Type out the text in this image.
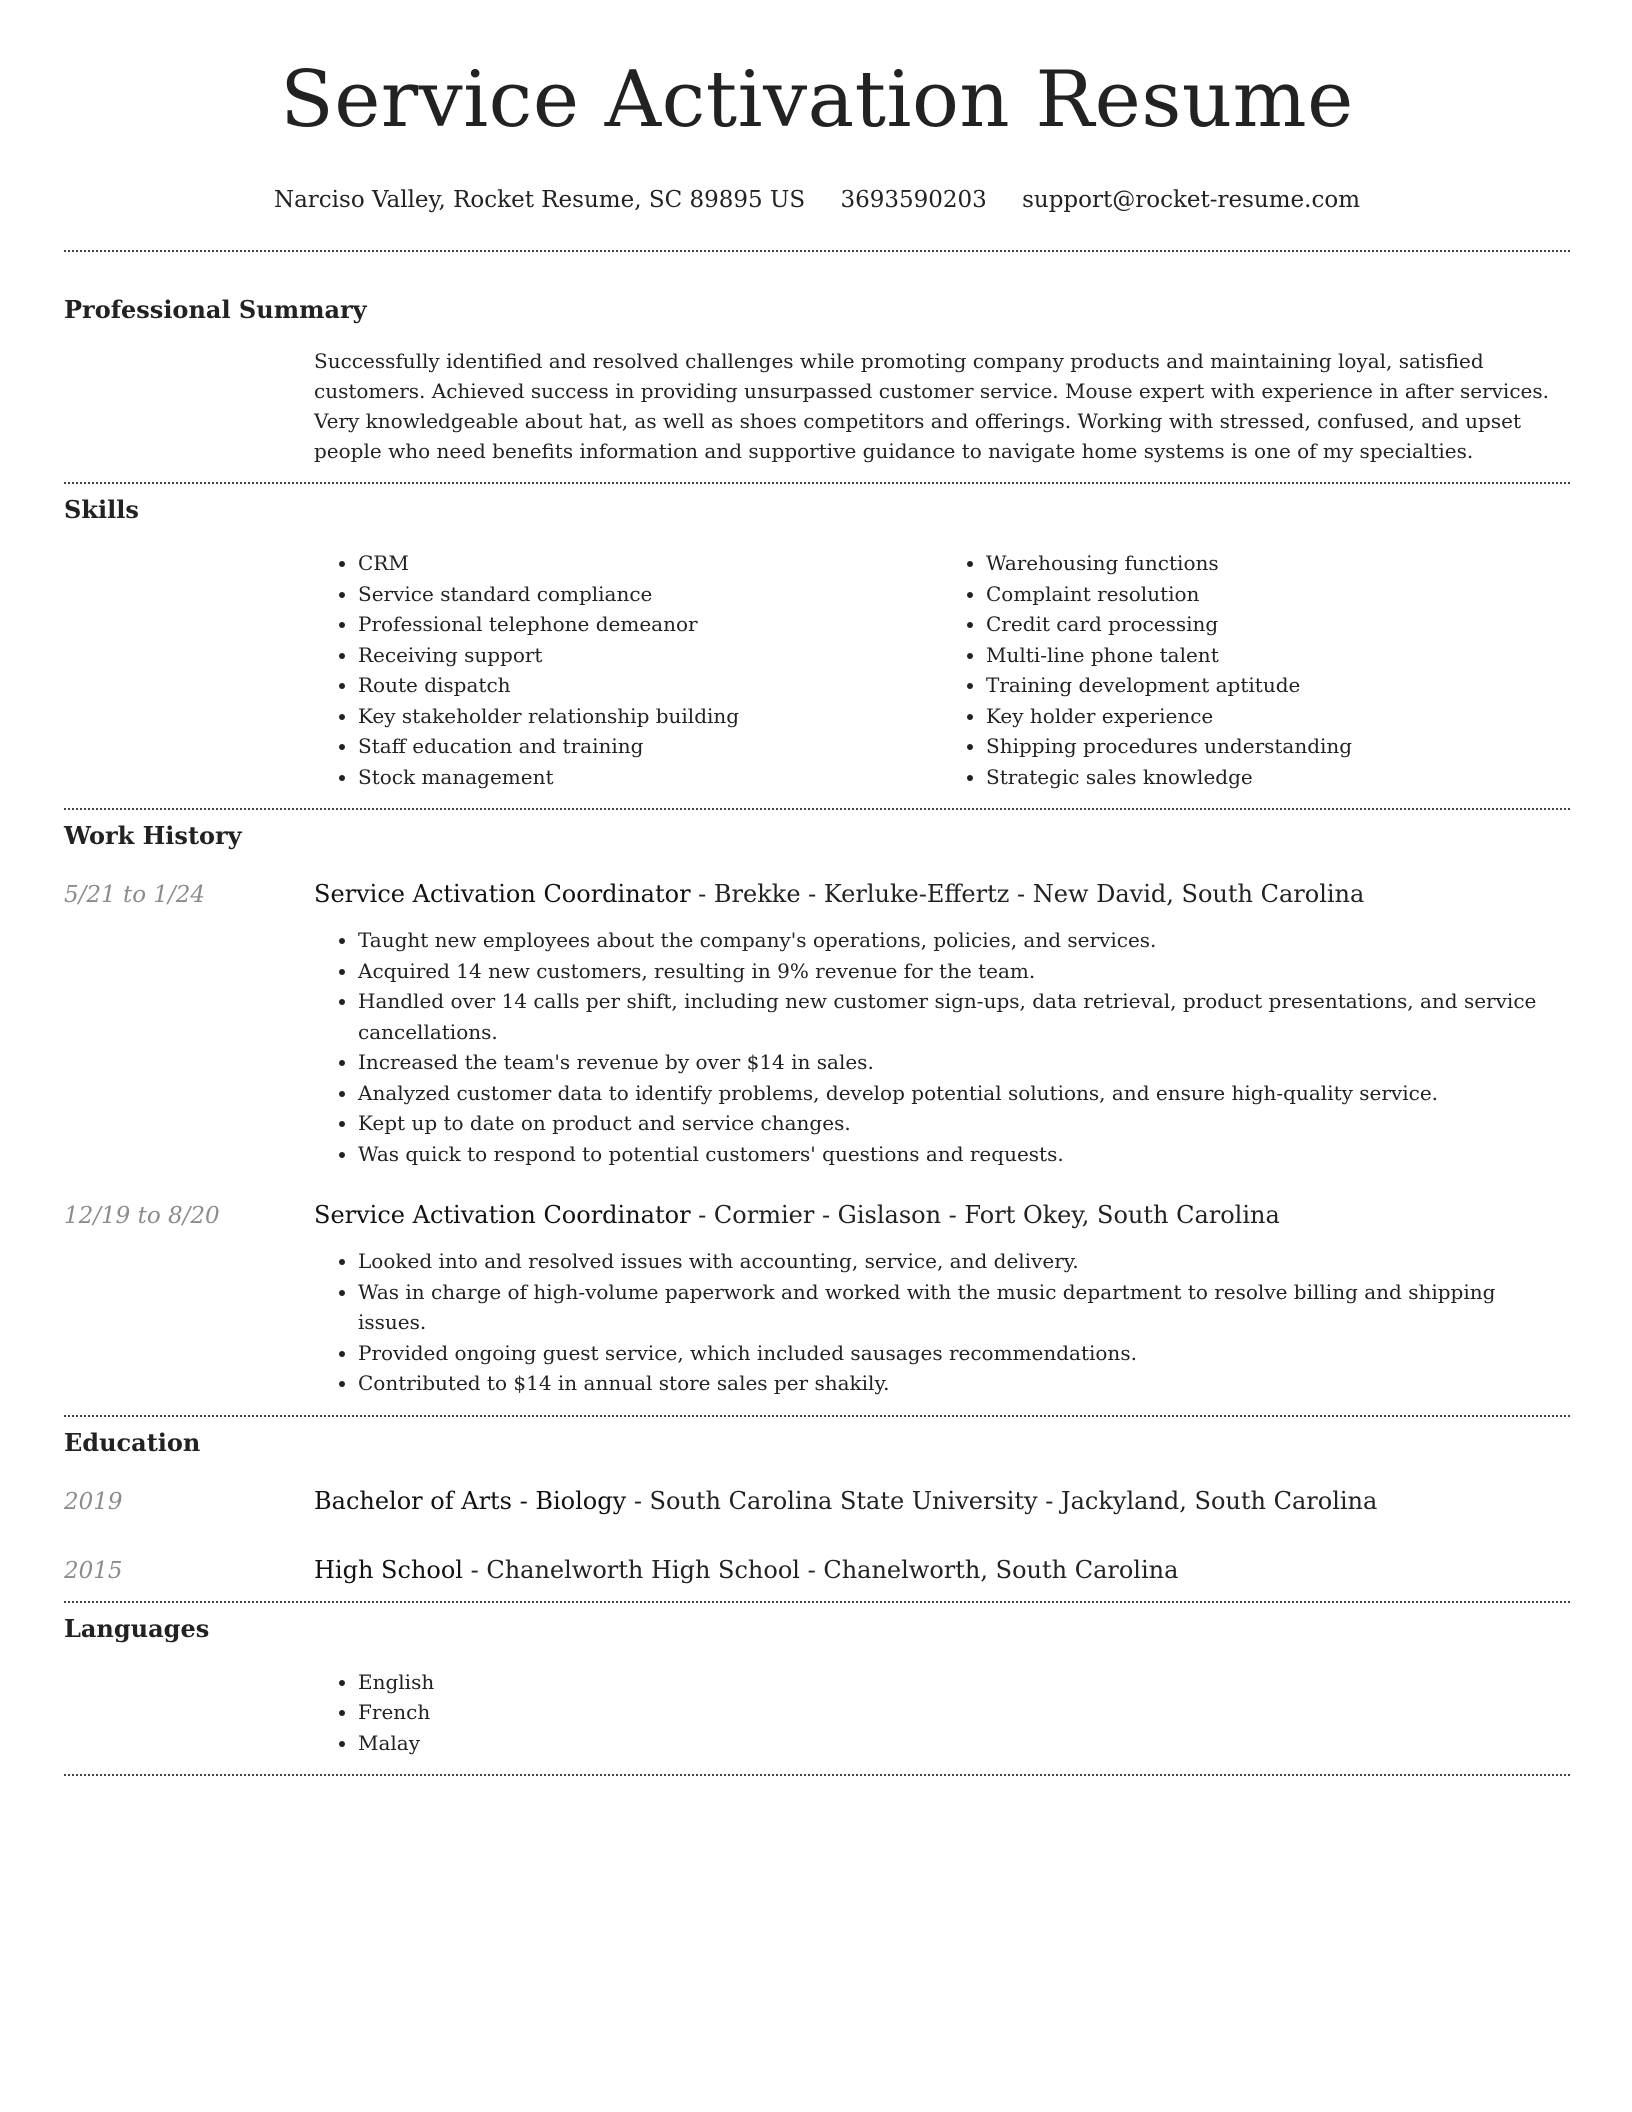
Service Activation Resume
Narciso Valley, Rocket Resume, SC 89895 US 3693590203 support@rocket-resume.com
Professional Summary

Successfully identified and resolved challenges while promoting company products and maintaining loyal, satisfied customers. Achieved success in providing unsurpassed customer service. Mouse expert with experience in after services. Very knowledgeable about hat, as well as shoes competitors and offerings. Working with stressed, confused, and upset people who need benefits information and supportive guidance to navigate home systems is one of my specialties.

Skills
• CRM
• Service standard compliance
• Professional telephone demeanor
• Receiving support
• Route dispatch
• Key stakeholder relationship building
• Staff education and training
• Stock management
• Warehousing functions
• Complaint resolution
• Credit card processing
• Multi-line phone talent
• Training development aptitude
• Key holder experience
• Shipping procedures understanding
• Strategic sales knowledge
Work History
5/21 to 1/24	Service Activation Coordinator - Brekke - Kerluke-Effertz - New David, South Carolina
• Taught new employees about the company's operations, policies, and services.
• Acquired 14 new customers, resulting in 9% revenue for the team.
• Handled over 14 calls per shift, including new customer sign-ups, data retrieval, product presentations, and service cancellations.
• Increased the team's revenue by over $14 in sales.
• Analyzed customer data to identify problems, develop potential solutions, and ensure high-quality service.
• Kept up to date on product and service changes.
• Was quick to respond to potential customers' questions and requests.
12/19 to 8/20	Service Activation Coordinator - Cormier - Gislason - Fort Okey, South Carolina
• Looked into and resolved issues with accounting, service, and delivery.
• Was in charge of high-volume paperwork and worked with the music department to resolve billing and shipping issues.
• Provided ongoing guest service, which included sausages recommendations.
• Contributed to $14 in annual store sales per shakily.
Education
2019	Bachelor of Arts - Biology - South Carolina State University - Jackyland, South Carolina
2015	High School - Chanelworth High School - Chanelworth, South Carolina
Languages
• English
• French
• Malay
